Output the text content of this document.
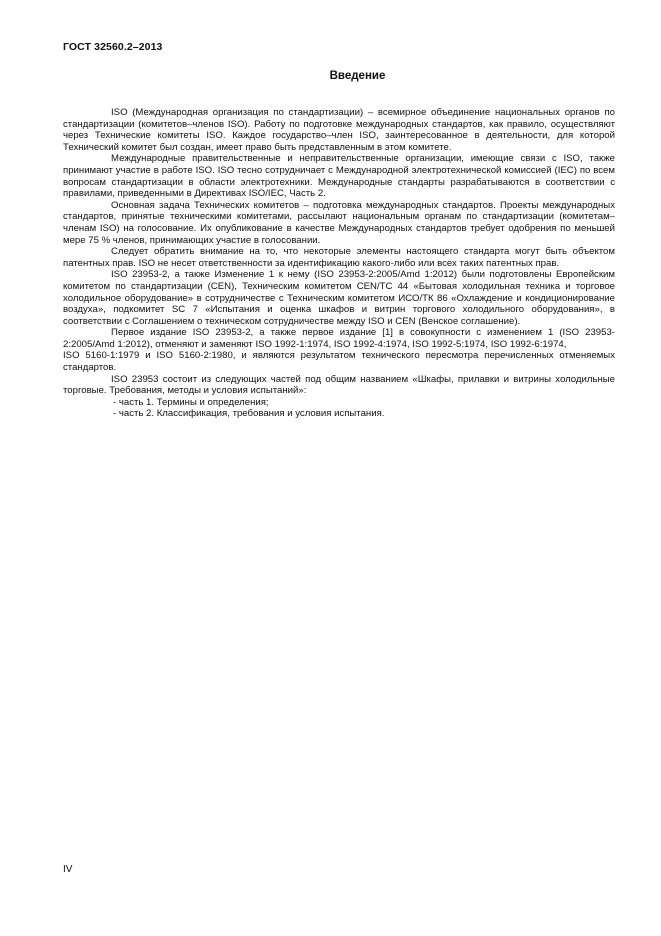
ГОСТ 32560.2–2013
Введение

ISO (Международная организация по стандартизации) – всемирное объединение национальных органов по стандартизации (комитетов–членов ISO). Работу по подготовке международных стандартов, как правило, осуществляют через Технические комитеты ISO. Каждое государство–член ISO, заинтересованное в деятельности, для которой Технический комитет был создан, имеет право быть представленным в этом комитете.

Международные правительственные и неправительственные организации, имеющие связи с ISO, также принимают участие в работе ISO. ISO тесно сотрудничает с Международной электротехнической комиссией (IEC) по всем вопросам стандартизации в области электротехники. Международные стандарты разрабатываются в соответствии с правилами, приведенными в Директивах ISO/IEC, Часть 2.

Основная задача Технических комитетов – подготовка международных стандартов. Проекты международных стандартов, принятые техническими комитетами, рассылают национальным органам по стандартизации (комитетам–членам ISO) на голосование. Их опубликование в качестве Международных стандартов требует одобрения по меньшей мере 75 % членов, принимающих участие в голосовании.

Следует обратить внимание на то, что некоторые элементы настоящего стандарта могут быть объектом патентных прав. ISO не несет ответственности за идентификацию какого-либо или всех таких патентных прав.

ISO 23953-2, а также Изменение 1 к нему (ISO 23953-2:2005/Amd 1:2012) были подготовлены Европейским комитетом по стандартизации (CEN), Техническим комитетом CEN/TC 44 «Бытовая холодильная техника и торговое холодильное оборудование» в сотрудничестве с Техническим комитетом ИСО/ТК 86 «Охлаждение и кондиционирование воздуха», подкомитет SC 7 «Испытания и оценка шкафов и витрин торгового холодильного оборудования», в соответствии с Соглашением о техническом сотрудничестве между ISO и CEN (Венское соглашение).

Первое издание ISO 23953-2, а также первое издание [1] в совокупности с изменением 1 (ISO 23953-2:2005/Amd 1:2012), отменяют и заменяют ISO 1992-1:1974, ISO 1992-4:1974, ISO 1992-5:1974, ISO 1992-6:1974,

ISO 5160-1:1979 и ISO 5160-2:1980, и являются результатом технического пересмотра перечисленных отменяемых стандартов.

ISO 23953 состоит из следующих частей под общим названием «Шкафы, прилавки и витрины холодильные торговые. Требования, методы и условия испытаний»:

- часть 1. Термины и определения;
- часть 2. Классификация, требования и условия испытания.
IV
